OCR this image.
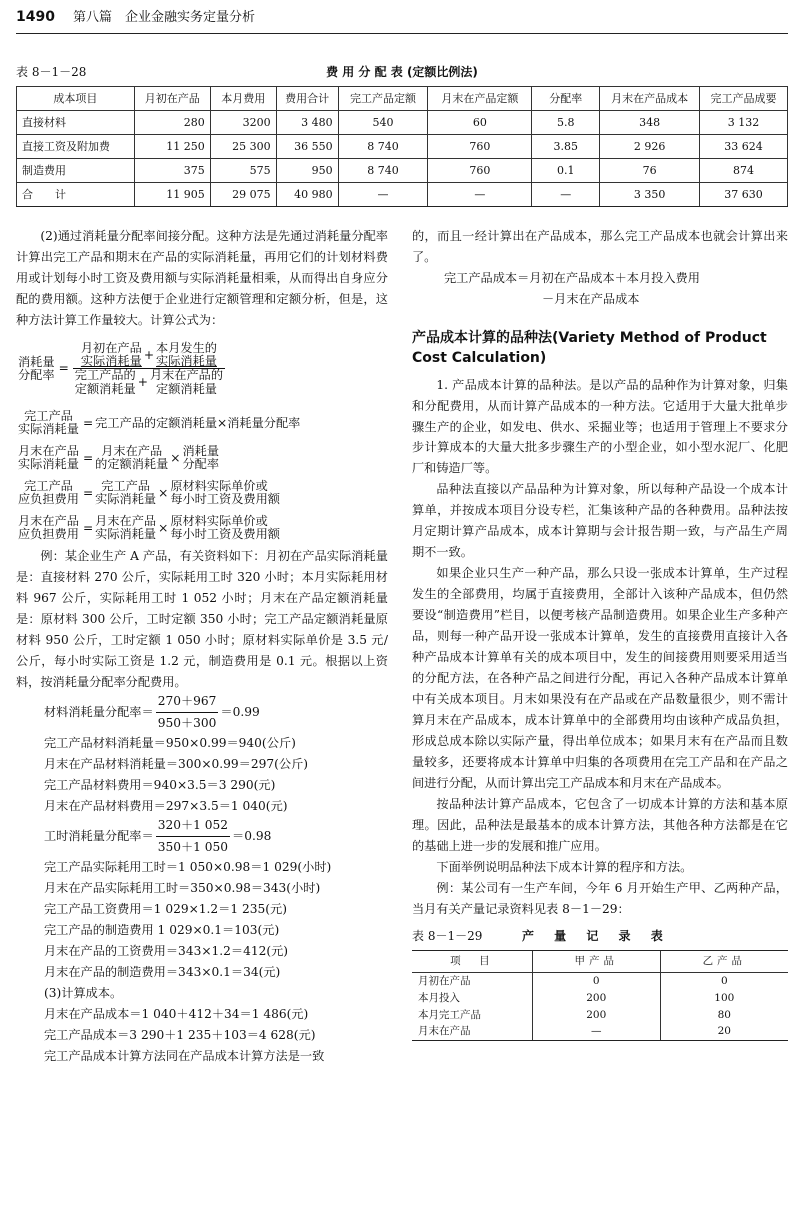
1490 第八篇　企业金融实务定量分析
表 8－1－28	费 用 分 配 表 (定额比例法)
成本项目	月初在产品	本月费用	费用合计	完工产品定额	月末在产品定额	分配率	月末在产品成本	完工产品成要
直接材料	280	3200	3 480	540	60	5.8	348	3 132
直接工资及附加费	11 250	25 300	36 550	8 740	760	3.85	2 926	33 624
制造费用	375	575	950	8 740	760	0.1	76	874
合　　计	11 905	29 075	40 980	—	—	—	3 350	37 630

(2)通过消耗量分配率间接分配。这种方法是先通过消耗量分配率计算出完工产品和期末在产品的实际消耗量，再用它们的计划材料费用或计划每小时工资及费用额与实际消耗量相乘，从而得出自身应分配的费用额。这种方法便于企业进行定额管理和定额分析，但是，这种方法计算工作量较大。计算公式为：

消耗量
分配率 =
月初在产品
实际消耗量 + 本月发生的
实际消耗量
完工产品的
定额消耗量 + 月末在产品的
定额消耗量
完工产品
实际消耗量 = 完工产品的定额消耗量×消耗量分配率
月末在产品
实际消耗量 = 月末在产品
的定额消耗量 × 消耗量
分配率
完工产品
应负担费用 = 完工产品
实际消耗量 × 原材料实际单价或
每小时工资及费用额
月末在产品
应负担费用 = 月末在产品
实际消耗量 × 原材料实际单价或
每小时工资及费用额

例：某企业生产 A 产品，有关资料如下：月初在产品实际消耗量是：直接材料 270 公斤，实际耗用工时 320 小时；本月实际耗用材料 967 公斤，实际耗用工时 1 052 小时；月末在产品定额消耗量是：原材料 300 公斤，工时定额 350 小时；完工产品定额消耗量原材料 950 公斤，工时定额 1 050 小时；原材料实际单价是 3.5 元/公斤，每小时实际工资是 1.2 元，制造费用是 0.1 元。根据以上资料，按消耗量分配率分配费用。

材料消耗量分配率＝ $\frac{270+967}{950+300} =0.99$

完工产品材料消耗量＝950×0.99＝940(公斤)

月末在产品材料消耗量＝300×0.99＝297(公斤)

完工产品材料费用＝940×3.5＝3 290(元)

月末在产品材料费用＝297×3.5＝1 040(元)

工时消耗量分配率＝ $\frac{320+1 052}{350+1 050} =0.98$

完工产品实际耗用工时＝1 050×0.98＝1 029(小时)

月末在产品实际耗用工时＝350×0.98＝343(小时)

完工产品工资费用＝1 029×1.2＝1 235(元)

完工产品的制造费用 1 029×0.1＝103(元)

月末在产品的工资费用＝343×1.2＝412(元)

月末在产品的制造费用＝343×0.1＝34(元)

(3)计算成本。

月末在产品成本＝1 040＋412＋34＝1 486(元)

完工产品成本＝3 290＋1 235＋103＝4 628(元)

完工产品成本计算方法同在产品成本计算方法是一致

的，而且一经计算出在产品成本，那么完工产品成本也就会计算出来了。

完工产品成本＝月初在产品成本＋本月投入费用

－月末在产品成本

产品成本计算的品种法(Variety Method of Product Cost Calculation)

1. 产品成本计算的品种法。是以产品的品种作为计算对象，归集和分配费用，从而计算产品成本的一种方法。它适用于大量大批单步骤生产的企业，如发电、供水、采掘业等；也适用于管理上不要求分步计算成本的大量大批多步骤生产的小型企业，如小型水泥厂、化肥厂和铸造厂等。

品种法直接以产品品种为计算对象，所以每种产品设一个成本计算单，并按成本项目分设专栏，汇集该种产品的各种费用。品种法按月定期计算产品成本，成本计算期与会计报告期一致，与产品生产周期不一致。

如果企业只生产一种产品，那么只设一张成本计算单，生产过程发生的全部费用，均属于直接费用，全部计入该种产品成本，但仍然要设“制造费用”栏目，以便考核产品制造费用。如果企业生产多种产品，则每一种产品开设一张成本计算单，发生的直接费用直接计入各种产品成本计算单有关的成本项目中，发生的间接费用则要采用适当的分配方法，在各种产品之间进行分配，再记入各种产品成本计算单中有关成本项目。月末如果没有在产品或在产品数量很少，则不需计算月末在产品成本，成本计算单中的全部费用均由该种产成品负担，形成总成本除以实际产量，得出单位成本；如果月末有在产品而且数量较多，还要将成本计算单中归集的各项费用在完工产品和在产品之间进行分配，从而计算出完工产品成本和月末在产品成本。

按品种法计算产品成本，它包含了一切成本计算的方法和基本原理。因此，品种法是最基本的成本计算方法，其他各种方法都是在它的基础上进一步的发展和推广应用。

下面举例说明品种法下成本计算的程序和方法。

例：某公司有一生产车间，今年 6 月开始生产甲、乙两种产品，当月有关产量记录资料见表 8－1－29：

表 8－1－29	产 量 记 录 表
项　目	甲产品	乙产品
月初在产品	0	0
本月投入	200	100
本月完工产品	200	80
月末在产品	—	20
